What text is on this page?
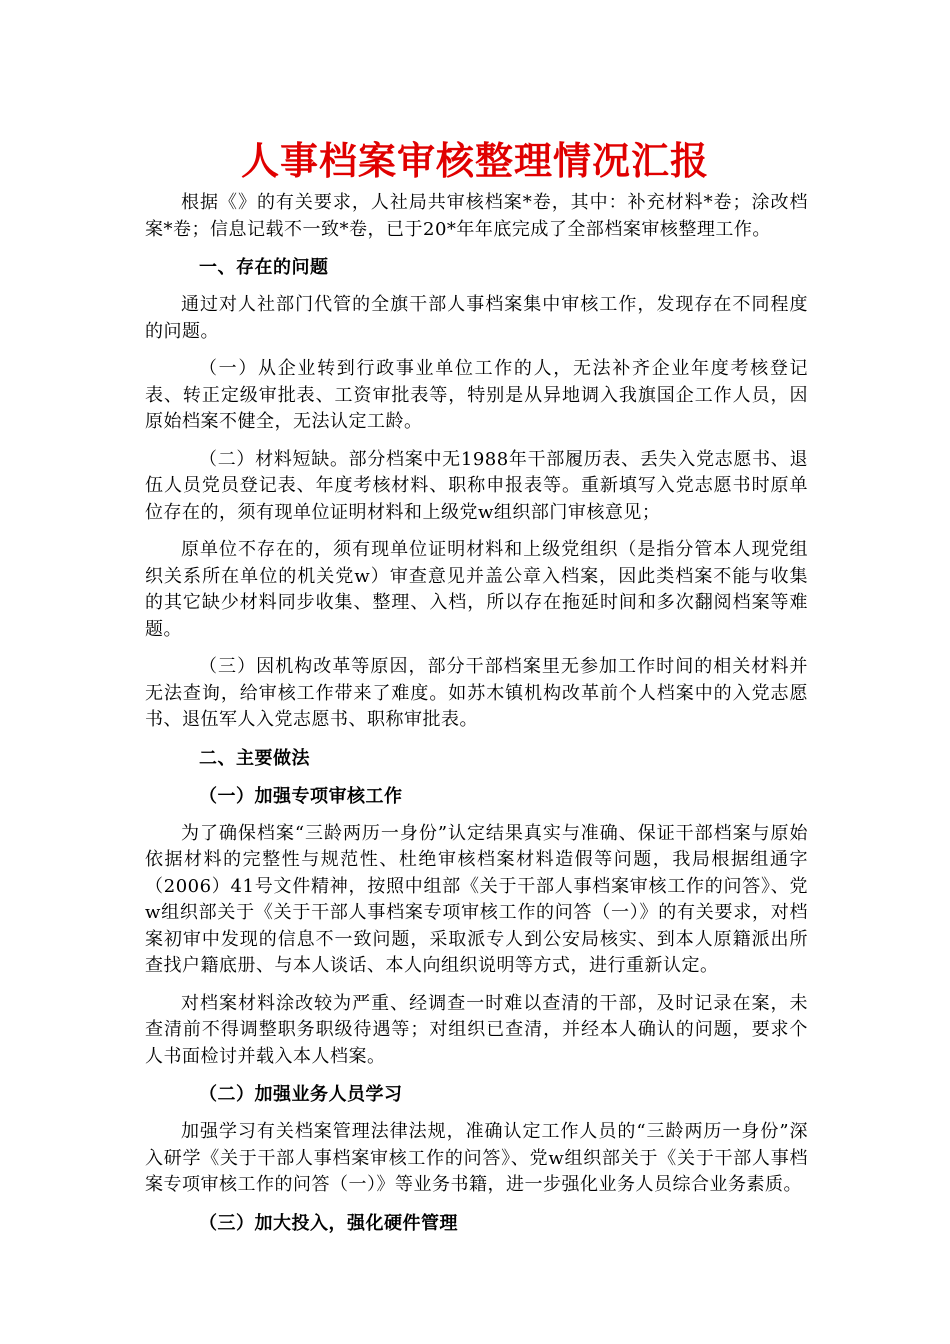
人事档案审核整理情况汇报

根据《》的有关要求，人社局共审核档案*卷，其中：补充材料*卷；涂改档案*卷；信息记载不一致*卷，已于20*年年底完成了全部档案审核整理工作。

一、存在的问题

通过对人社部门代管的全旗干部人事档案集中审核工作，发现存在不同程度的问题。

（一）从企业转到行政事业单位工作的人，无法补齐企业年度考核登记表、转正定级审批表、工资审批表等，特别是从异地调入我旗国企工作人员，因原始档案不健全，无法认定工龄。

（二）材料短缺。部分档案中无1988年干部履历表、丢失入党志愿书、退伍人员党员登记表、年度考核材料、职称申报表等。重新填写入党志愿书时原单位存在的，须有现单位证明材料和上级党w组织部门审核意见；

原单位不存在的，须有现单位证明材料和上级党组织（是指分管本人现党组织关系所在单位的机关党w）审查意见并盖公章入档案，因此类档案不能与收集的其它缺少材料同步收集、整理、入档，所以存在拖延时间和多次翻阅档案等难题。

（三）因机构改革等原因，部分干部档案里无参加工作时间的相关材料并无法查询，给审核工作带来了难度。如苏木镇机构改革前个人档案中的入党志愿书、退伍军人入党志愿书、职称审批表。

二、主要做法

（一）加强专项审核工作

为了确保档案“三龄两历一身份”认定结果真实与准确、保证干部档案与原始依据材料的完整性与规范性、杜绝审核档案材料造假等问题，我局根据组通字（2006）41号文件精神，按照中组部《关于干部人事档案审核工作的问答》、党w组织部关于《关于干部人事档案专项审核工作的问答（一）》的有关要求，对档案初审中发现的信息不一致问题，采取派专人到公安局核实、到本人原籍派出所查找户籍底册、与本人谈话、本人向组织说明等方式，进行重新认定。

对档案材料涂改较为严重、经调查一时难以查清的干部，及时记录在案，未查清前不得调整职务职级待遇等；对组织已查清，并经本人确认的问题，要求个人书面检讨并载入本人档案。

（二）加强业务人员学习

加强学习有关档案管理法律法规，准确认定工作人员的“三龄两历一身份”深入研学《关于干部人事档案审核工作的问答》、党w组织部关于《关于干部人事档案专项审核工作的问答（一）》等业务书籍，进一步强化业务人员综合业务素质。

（三）加大投入，强化硬件管理
